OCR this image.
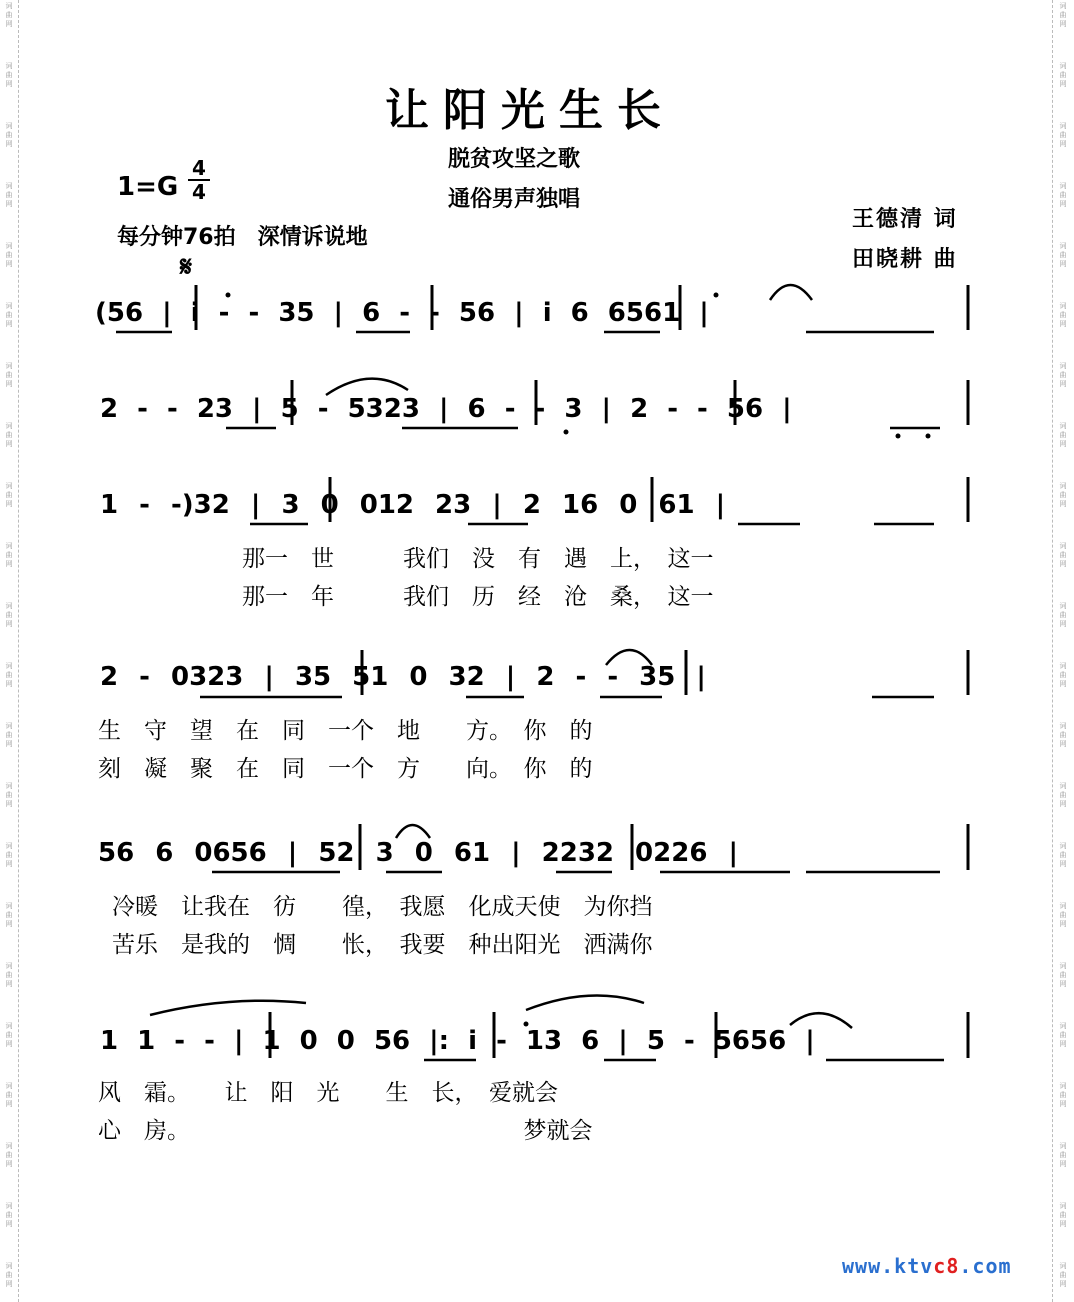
词曲网
词曲网
词曲网
词曲网
词曲网
词曲网
词曲网
词曲网
词曲网
词曲网
词曲网
词曲网
词曲网
词曲网
词曲网
词曲网
词曲网
词曲网
词曲网
词曲网
词曲网
词曲网
词曲网
词曲网
词曲网
词曲网
词曲网
词曲网
词曲网
词曲网
词曲网
词曲网
词曲网
词曲网
词曲网
词曲网
词曲网
词曲网
词曲网
词曲网
词曲网
词曲网
词曲网
词曲网
让阳光生长
脱贫攻坚之歌
通俗男声独唱
1=G
4
4
每分钟76拍　深情诉说地
𝄋
王德清 词
田晓耕 曲
(56 | i - - 35 | 6 - - 56 | i 6 6561 |
2 - - 23 | 5 - 5323 | 6 - - 3 | 2 - - 56 |
1 - -)32 | 3 0 012 23 | 2 16 0 61 |
那一　世　　　我们　没　有　遇　上，　这一
那一　年　　　我们　历　经　沧　桑，　这一
2 - 0323 | 35 51 0 32 | 2 - - 35 |
生　守　望　在　同　一个　地　　方。　你　的
刻　凝　聚　在　同　一个　方　　向。　你　的
56 6 0656 | 52 3 0 61 | 2232 0226 |
冷暖　让我在　彷　　徨，　我愿　化成天使　为你挡
苦乐　是我的　惆　　怅，　我要　种出阳光　洒满你
1 1 - - | 1 0 0 56 |: i - 13 6 | 5 - 5656 |
风　霜。　　让　阳　光　　生　长，　爱就会
心　房。　　　　　　　　　　　　　　　梦就会
www.ktvc8.com
